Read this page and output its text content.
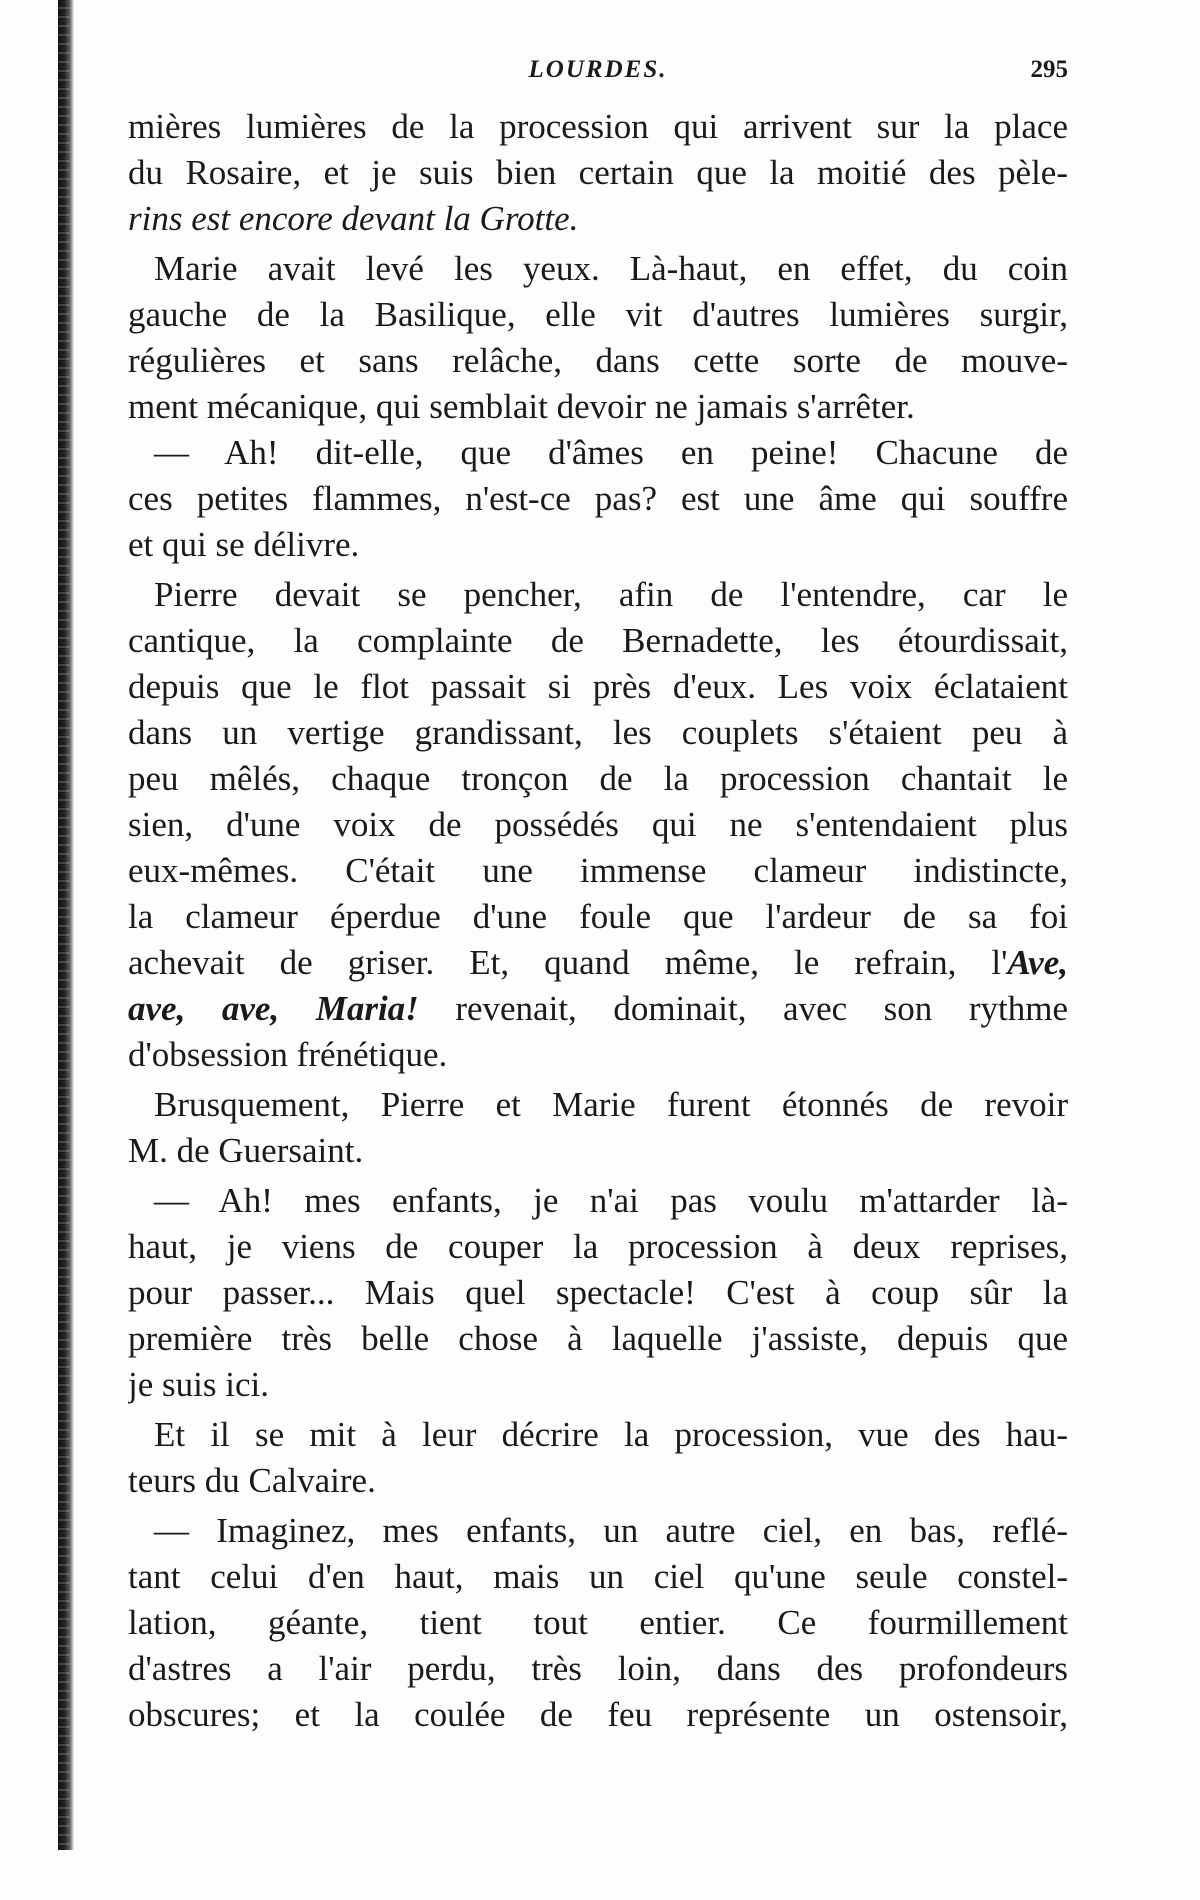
LOURDES.	295
mières lumières de la procession qui arrivent sur la place
du Rosaire, et je suis bien certain que la moitié des pèle-
rins est encore devant la Grotte.
Marie avait levé les yeux. Là-haut, en effet, du coin
gauche de la Basilique, elle vit d'autres lumières surgir,
régulières et sans relâche, dans cette sorte de mouve-
ment mécanique, qui semblait devoir ne jamais s'arrêter.
— Ah! dit-elle, que d'âmes en peine! Chacune de
ces petites flammes, n'est-ce pas? est une âme qui souffre
et qui se délivre.
Pierre devait se pencher, afin de l'entendre, car le
cantique, la complainte de Bernadette, les étourdissait,
depuis que le flot passait si près d'eux. Les voix éclataient
dans un vertige grandissant, les couplets s'étaient peu à
peu mêlés, chaque tronçon de la procession chantait le
sien, d'une voix de possédés qui ne s'entendaient plus
eux-mêmes. C'était une immense clameur indistincte,
la clameur éperdue d'une foule que l'ardeur de sa foi
achevait de griser. Et, quand même, le refrain, l'Ave,
ave, ave, Maria! revenait, dominait, avec son rythme
d'obsession frénétique.
Brusquement, Pierre et Marie furent étonnés de revoir
M. de Guersaint.
— Ah! mes enfants, je n'ai pas voulu m'attarder là-
haut, je viens de couper la procession à deux reprises,
pour passer... Mais quel spectacle! C'est à coup sûr la
première très belle chose à laquelle j'assiste, depuis que
je suis ici.
Et il se mit à leur décrire la procession, vue des hau-
teurs du Calvaire.
— Imaginez, mes enfants, un autre ciel, en bas, reflé-
tant celui d'en haut, mais un ciel qu'une seule constel-
lation, géante, tient tout entier. Ce fourmillement
d'astres a l'air perdu, très loin, dans des profondeurs
obscures; et la coulée de feu représente un ostensoir,
